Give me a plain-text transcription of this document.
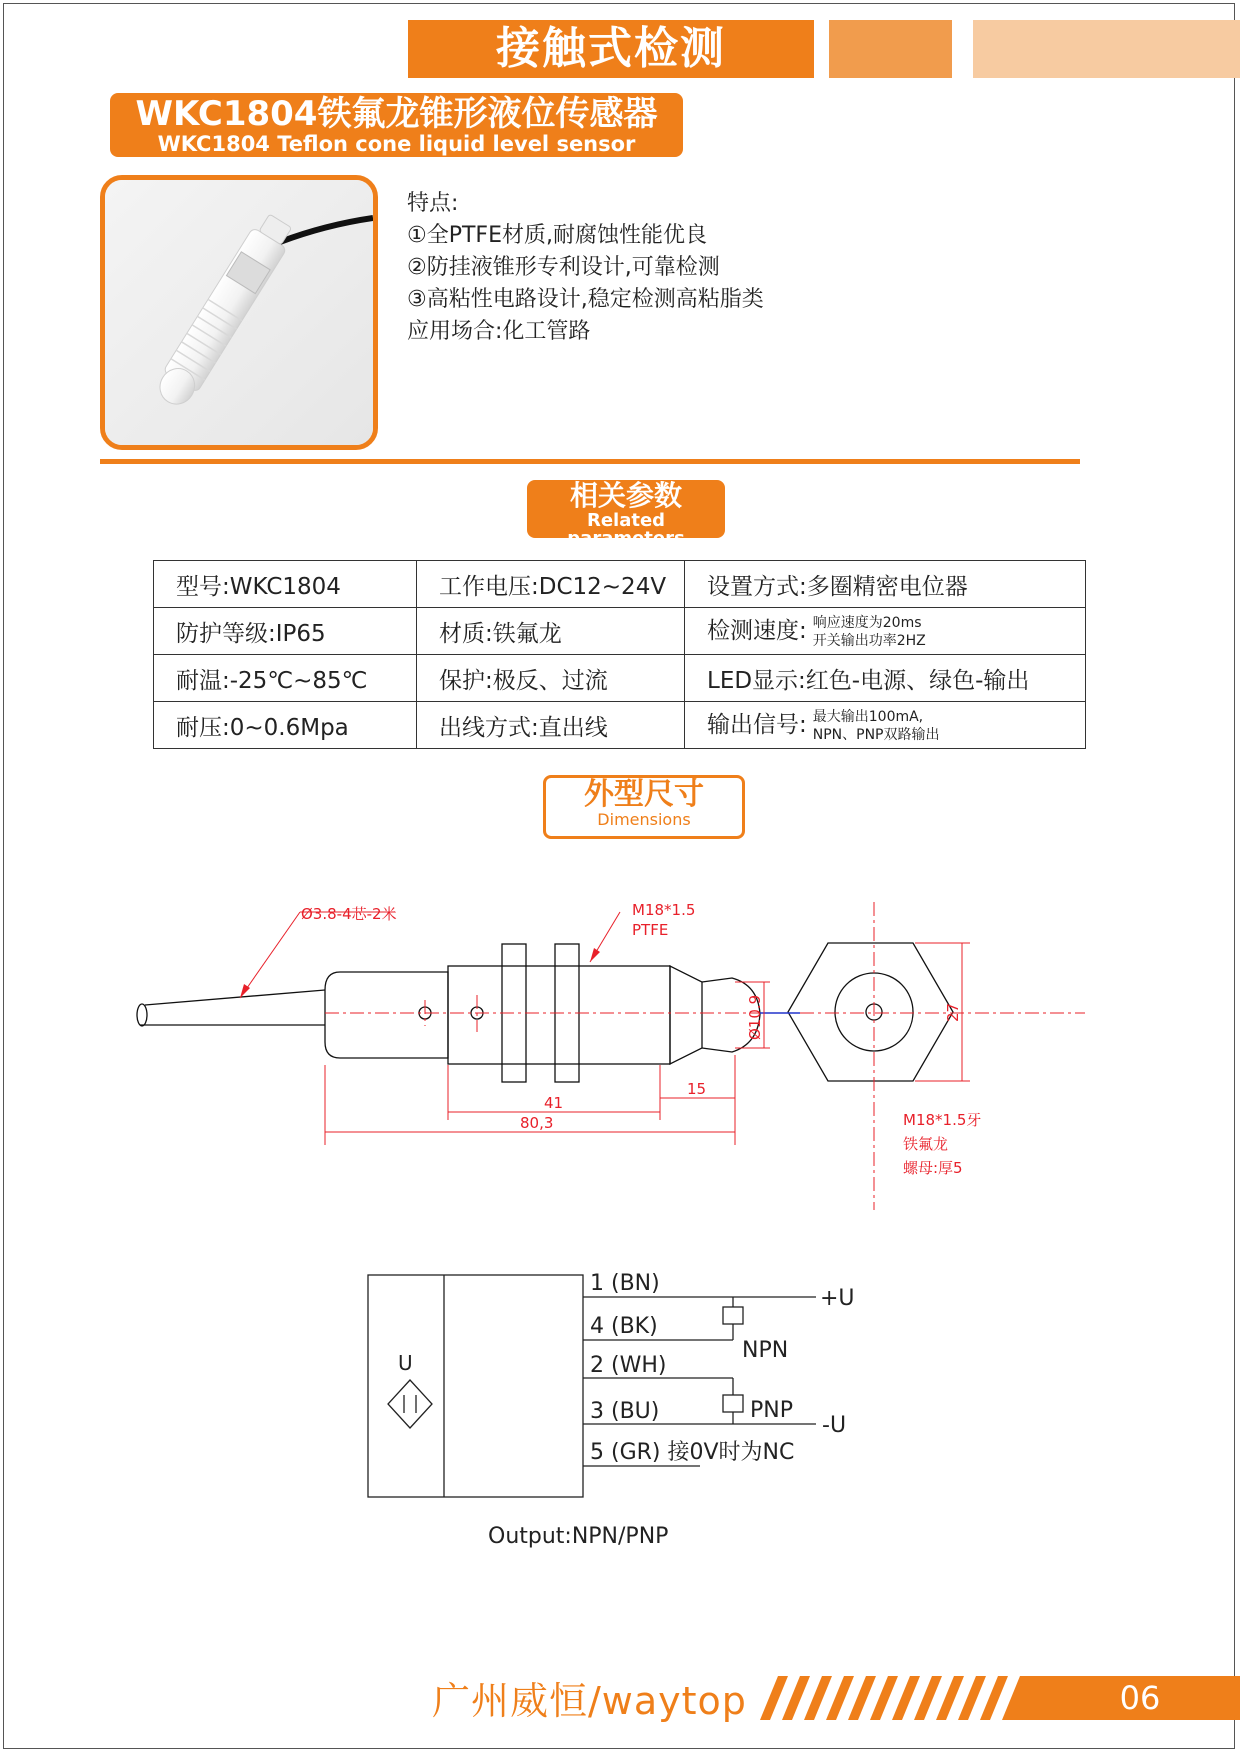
接触式检测
WKC1804铁氟龙锥形液位传感器
WKC1804 Teflon cone liquid level sensor
特点:
①全PTFE材质,耐腐蚀性能优良
②防挂液锥形专利设计,可靠检测
③高粘性电路设计,稳定检测高粘脂类
应用场合:化工管路
相关参数
Related parameters
型号:WKC1804	工作电压:DC12~24V	设置方式:多圈精密电位器
防护等级:IP65	材质:铁氟龙	检测速度: 响应速度为20ms
开关输出功率2HZ
耐温:-25℃~85℃	保护:极反、过流	LED显示:红色-电源、绿色-输出
耐压:0~0.6Mpa	出线方式:直出线	输出信号: 最大输出100mA,
NPN、PNP双路输出
外型尺寸
Dimensions
Ø3.8-4芯-2米	M18*1.5
PTFE
15
41
80,3
Ø10.9	27
M18*1.5牙
铁氟龙
螺母:厚5
U
1 (BN)
4 (BK)
2 (WH)
3 (BU)
5 (GR) 接0V时为NC
+U
-U
NPN
PNP
Output:NPN/PNP
广州威恒/waytop	06
